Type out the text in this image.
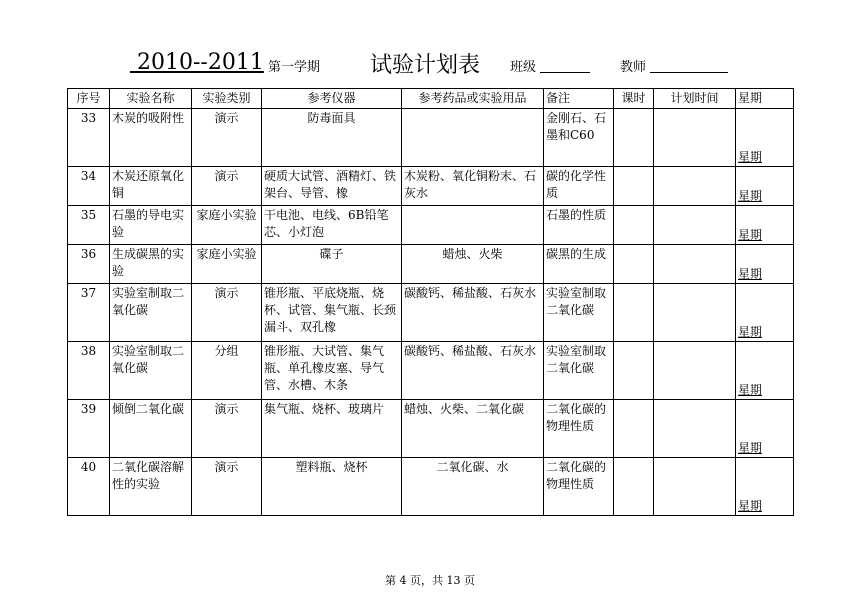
2010--2011 第一学期 试验计划表 班级	教师
序号	实验名称	实验类别	参考仪器	参考药品或实验用品	备注	课时	计划时间	星期
33	木炭的吸附性	演示	防毒面具		金刚石、石墨和C60			星期

34	木炭还原氧化铜	演示	硬质大试管、酒精灯、铁架台、导管、橡	木炭粉、氧化铜粉末、石灰水	碳的化学性质			星期

35	石墨的导电实验	家庭小实验	干电池、电线、6B铅笔芯、小灯泡		石墨的性质			星期

36	生成碳黑的实验	家庭小实验	碟子	蜡烛、火柴	碳黑的生成			星期

37	实验室制取二氧化碳	演示	锥形瓶、平底烧瓶、烧杯、试管、集气瓶、长颈漏斗、双孔橡	碳酸钙、稀盐酸、石灰水	实验室制取二氧化碳			星期

38	实验室制取二氧化碳	分组	锥形瓶、大试管、集气瓶、单孔橡皮塞、导气管、水槽、木条	碳酸钙、稀盐酸、石灰水	实验室制取二氧化碳			星期

39	倾倒二氧化碳	演示	集气瓶、烧杯、玻璃片	蜡烛、火柴、二氧化碳	二氧化碳的物理性质			星期

40	二氧化碳溶解性的实验	演示	塑料瓶、烧杯	二氧化碳、水	二氧化碳的物理性质			星期
第 4 页，共 13 页
